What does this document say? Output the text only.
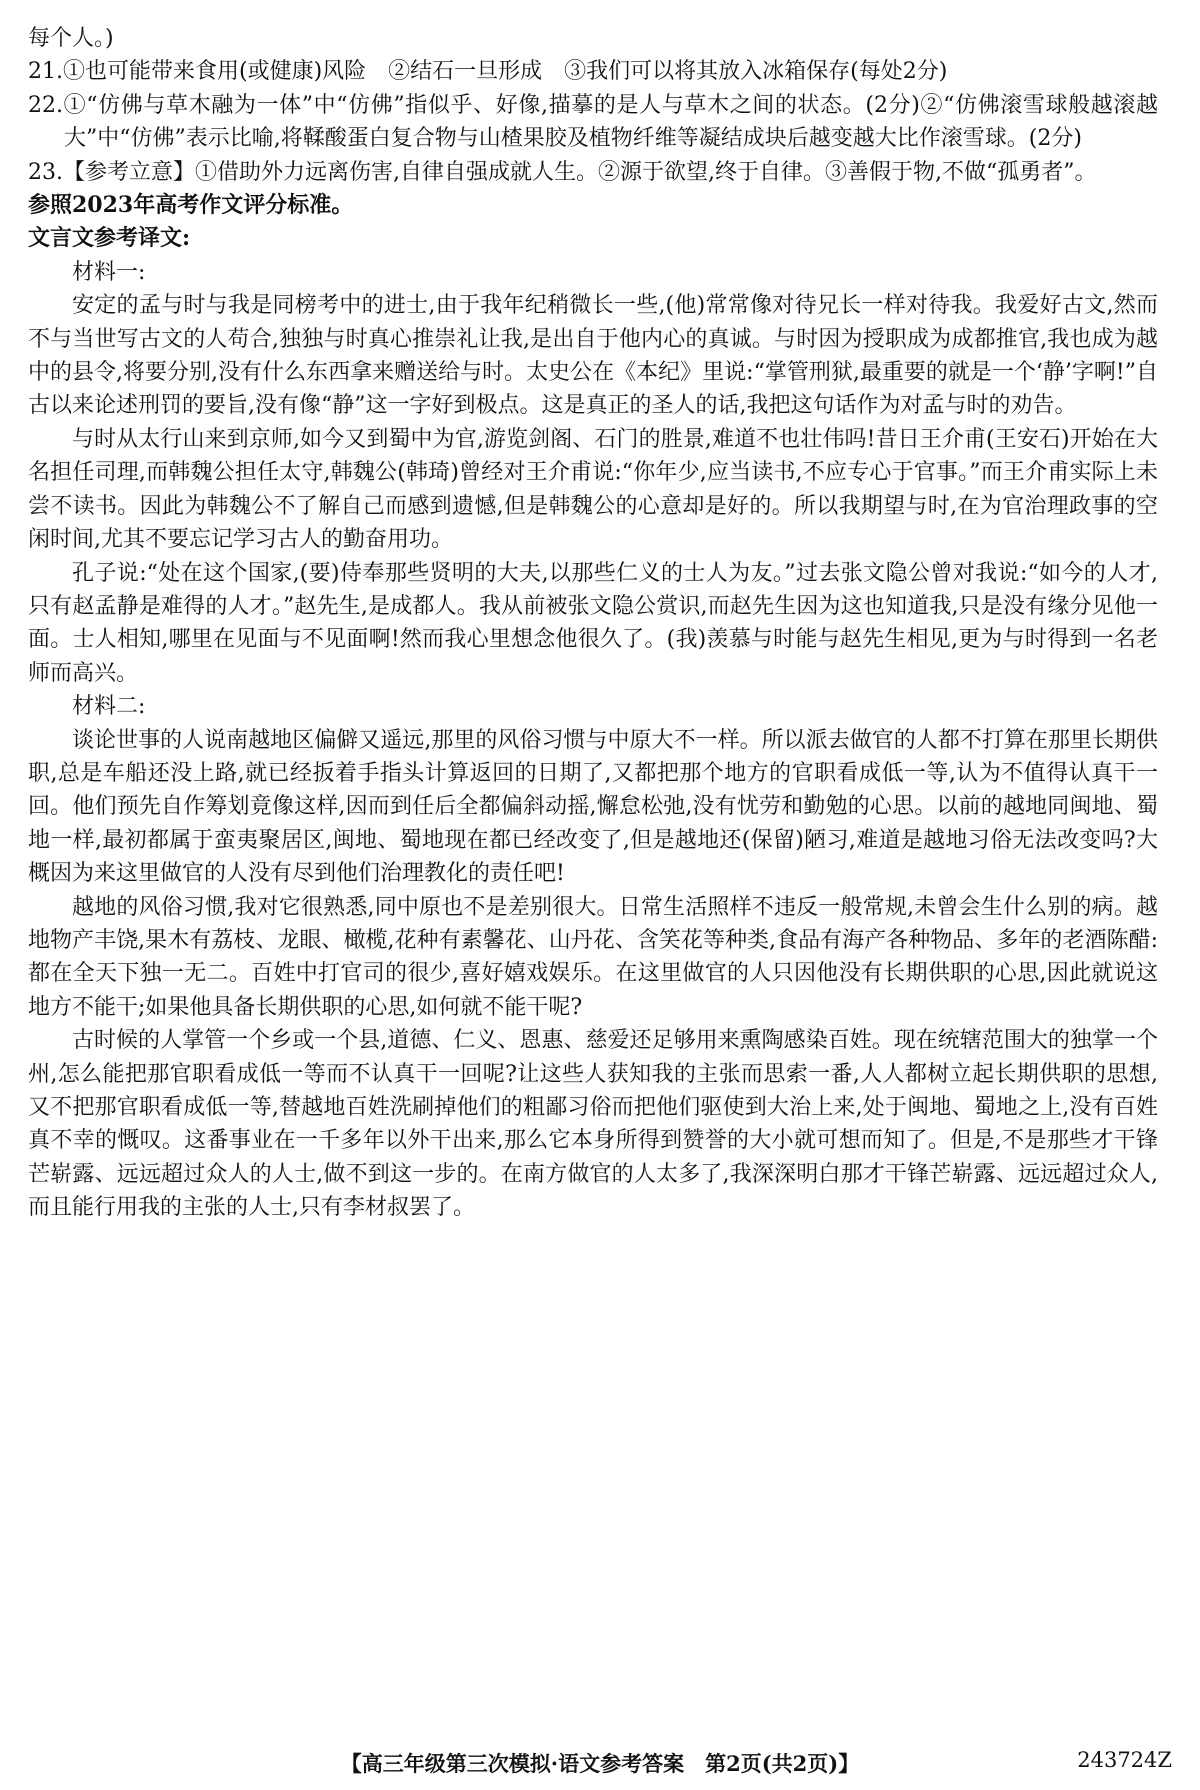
每个人。)

21.①也可能带来食用(或健康)风险　②结石一旦形成　③我们可以将其放入冰箱保存(每处2分)

22.①“仿佛与草木融为一体”中“仿佛”指似乎、好像,描摹的是人与草木之间的状态。(2分)②“仿佛滚雪球般越滚越大”中“仿佛”表示比喻,将鞣酸蛋白复合物与山楂果胶及植物纤维等凝结成块后越变越大比作滚雪球。(2分)

23.【参考立意】①借助外力远离伤害,自律自强成就人生。②源于欲望,终于自律。③善假于物,不做“孤勇者”。

参照2023年高考作文评分标准。

文言文参考译文:

材料一:

安定的孟与时与我是同榜考中的进士,由于我年纪稍微长一些,(他)常常像对待兄长一样对待我。我爱好古文,然而不与当世写古文的人苟合,独独与时真心推崇礼让我,是出自于他内心的真诚。与时因为授职成为成都推官,我也成为越中的县令,将要分别,没有什么东西拿来赠送给与时。太史公在《本纪》里说:“掌管刑狱,最重要的就是一个‘静’字啊!”自古以来论述刑罚的要旨,没有像“静”这一字好到极点。这是真正的圣人的话,我把这句话作为对孟与时的劝告。

与时从太行山来到京师,如今又到蜀中为官,游览剑阁、石门的胜景,难道不也壮伟吗!昔日王介甫(王安石)开始在大名担任司理,而韩魏公担任太守,韩魏公(韩琦)曾经对王介甫说:“你年少,应当读书,不应专心于官事。”而王介甫实际上未尝不读书。因此为韩魏公不了解自己而感到遗憾,但是韩魏公的心意却是好的。所以我期望与时,在为官治理政事的空闲时间,尤其不要忘记学习古人的勤奋用功。

孔子说:“处在这个国家,(要)侍奉那些贤明的大夫,以那些仁义的士人为友。”过去张文隐公曾对我说:“如今的人才,只有赵孟静是难得的人才。”赵先生,是成都人。我从前被张文隐公赏识,而赵先生因为这也知道我,只是没有缘分见他一面。士人相知,哪里在见面与不见面啊!然而我心里想念他很久了。(我)羡慕与时能与赵先生相见,更为与时得到一名老师而高兴。

材料二:

谈论世事的人说南越地区偏僻又遥远,那里的风俗习惯与中原大不一样。所以派去做官的人都不打算在那里长期供职,总是车船还没上路,就已经扳着手指头计算返回的日期了,又都把那个地方的官职看成低一等,认为不值得认真干一回。他们预先自作筹划竟像这样,因而到任后全都偏斜动摇,懈怠松弛,没有忧劳和勤勉的心思。以前的越地同闽地、蜀地一样,最初都属于蛮夷聚居区,闽地、蜀地现在都已经改变了,但是越地还(保留)陋习,难道是越地习俗无法改变吗?大概因为来这里做官的人没有尽到他们治理教化的责任吧!

越地的风俗习惯,我对它很熟悉,同中原也不是差别很大。日常生活照样不违反一般常规,未曾会生什么别的病。越地物产丰饶,果木有荔枝、龙眼、橄榄,花种有素馨花、山丹花、含笑花等种类,食品有海产各种物品、多年的老酒陈醋:都在全天下独一无二。百姓中打官司的很少,喜好嬉戏娱乐。在这里做官的人只因他没有长期供职的心思,因此就说这地方不能干;如果他具备长期供职的心思,如何就不能干呢?

古时候的人掌管一个乡或一个县,道德、仁义、恩惠、慈爱还足够用来熏陶感染百姓。现在统辖范围大的独掌一个州,怎么能把那官职看成低一等而不认真干一回呢?让这些人获知我的主张而思索一番,人人都树立起长期供职的思想,又不把那官职看成低一等,替越地百姓洗刷掉他们的粗鄙习俗而把他们驱使到大治上来,处于闽地、蜀地之上,没有百姓真不幸的慨叹。这番事业在一千多年以外干出来,那么它本身所得到赞誉的大小就可想而知了。但是,不是那些才干锋芒崭露、远远超过众人的人士,做不到这一步的。在南方做官的人太多了,我深深明白那才干锋芒崭露、远远超过众人,而且能行用我的主张的人士,只有李材叔罢了。

【高三年级第三次模拟·语文参考答案　第2页(共2页)】	243724Z
